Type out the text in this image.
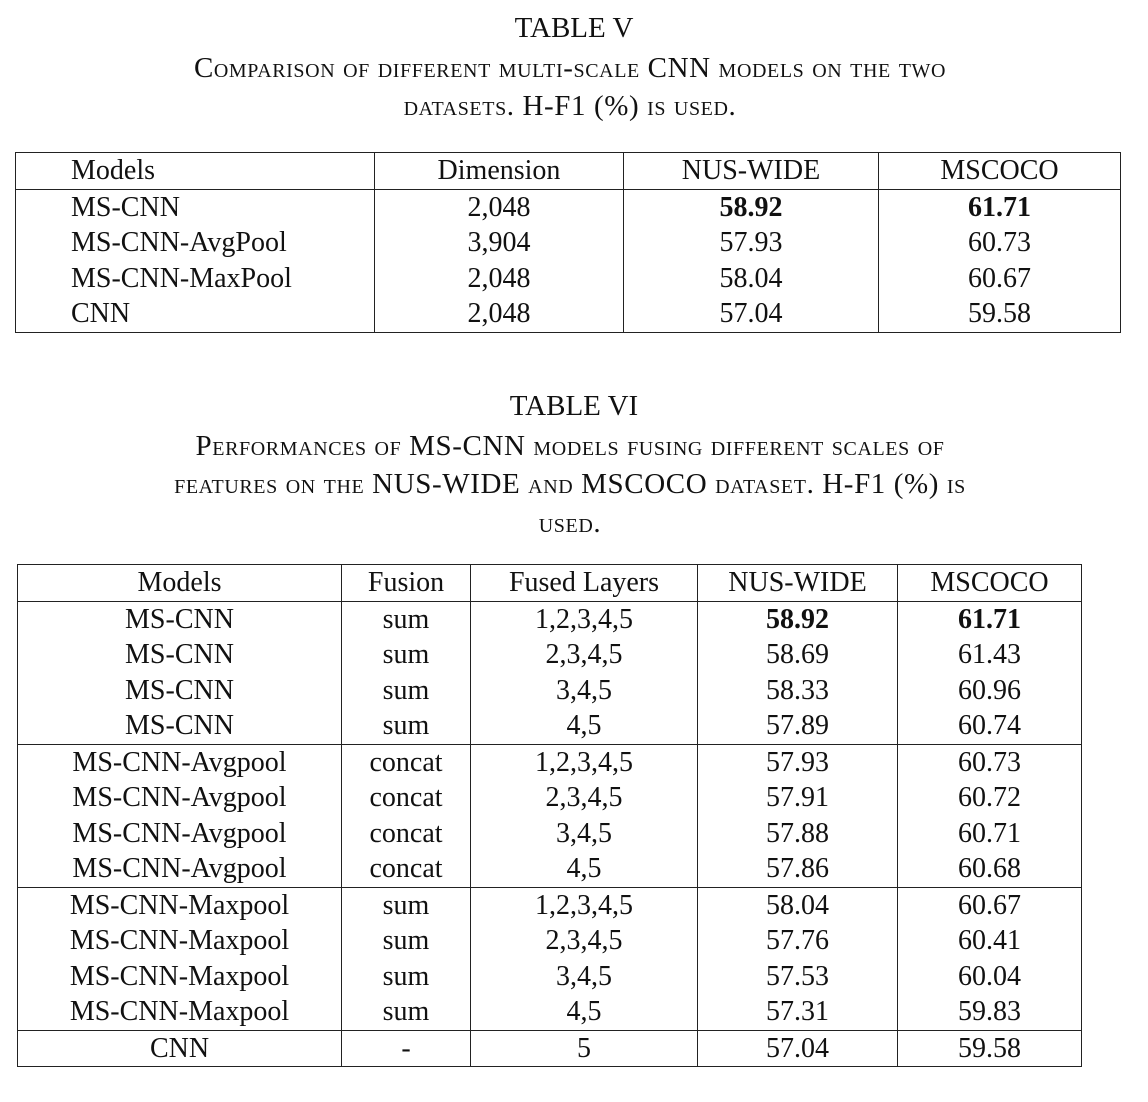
TABLE V
Comparison of different multi-scale CNN models on the two
datasets. H-F1 (%) is used.
Models	Dimension	NUS-WIDE	MSCOCO
MS-CNN	2,048	58.92	61.71
MS-CNN-AvgPool	3,904	57.93	60.73
MS-CNN-MaxPool	2,048	58.04	60.67
CNN	2,048	57.04	59.58
TABLE VI
Performances of MS-CNN models fusing different scales of
features on the NUS-WIDE and MSCOCO dataset. H-F1 (%) is
used.
Models	Fusion	Fused Layers	NUS-WIDE	MSCOCO
MS-CNN	sum	1,2,3,4,5	58.92	61.71
MS-CNN	sum	2,3,4,5	58.69	61.43
MS-CNN	sum	3,4,5	58.33	60.96
MS-CNN	sum	4,5	57.89	60.74
MS-CNN-Avgpool	concat	1,2,3,4,5	57.93	60.73
MS-CNN-Avgpool	concat	2,3,4,5	57.91	60.72
MS-CNN-Avgpool	concat	3,4,5	57.88	60.71
MS-CNN-Avgpool	concat	4,5	57.86	60.68
MS-CNN-Maxpool	sum	1,2,3,4,5	58.04	60.67
MS-CNN-Maxpool	sum	2,3,4,5	57.76	60.41
MS-CNN-Maxpool	sum	3,4,5	57.53	60.04
MS-CNN-Maxpool	sum	4,5	57.31	59.83
CNN	-	5	57.04	59.58
